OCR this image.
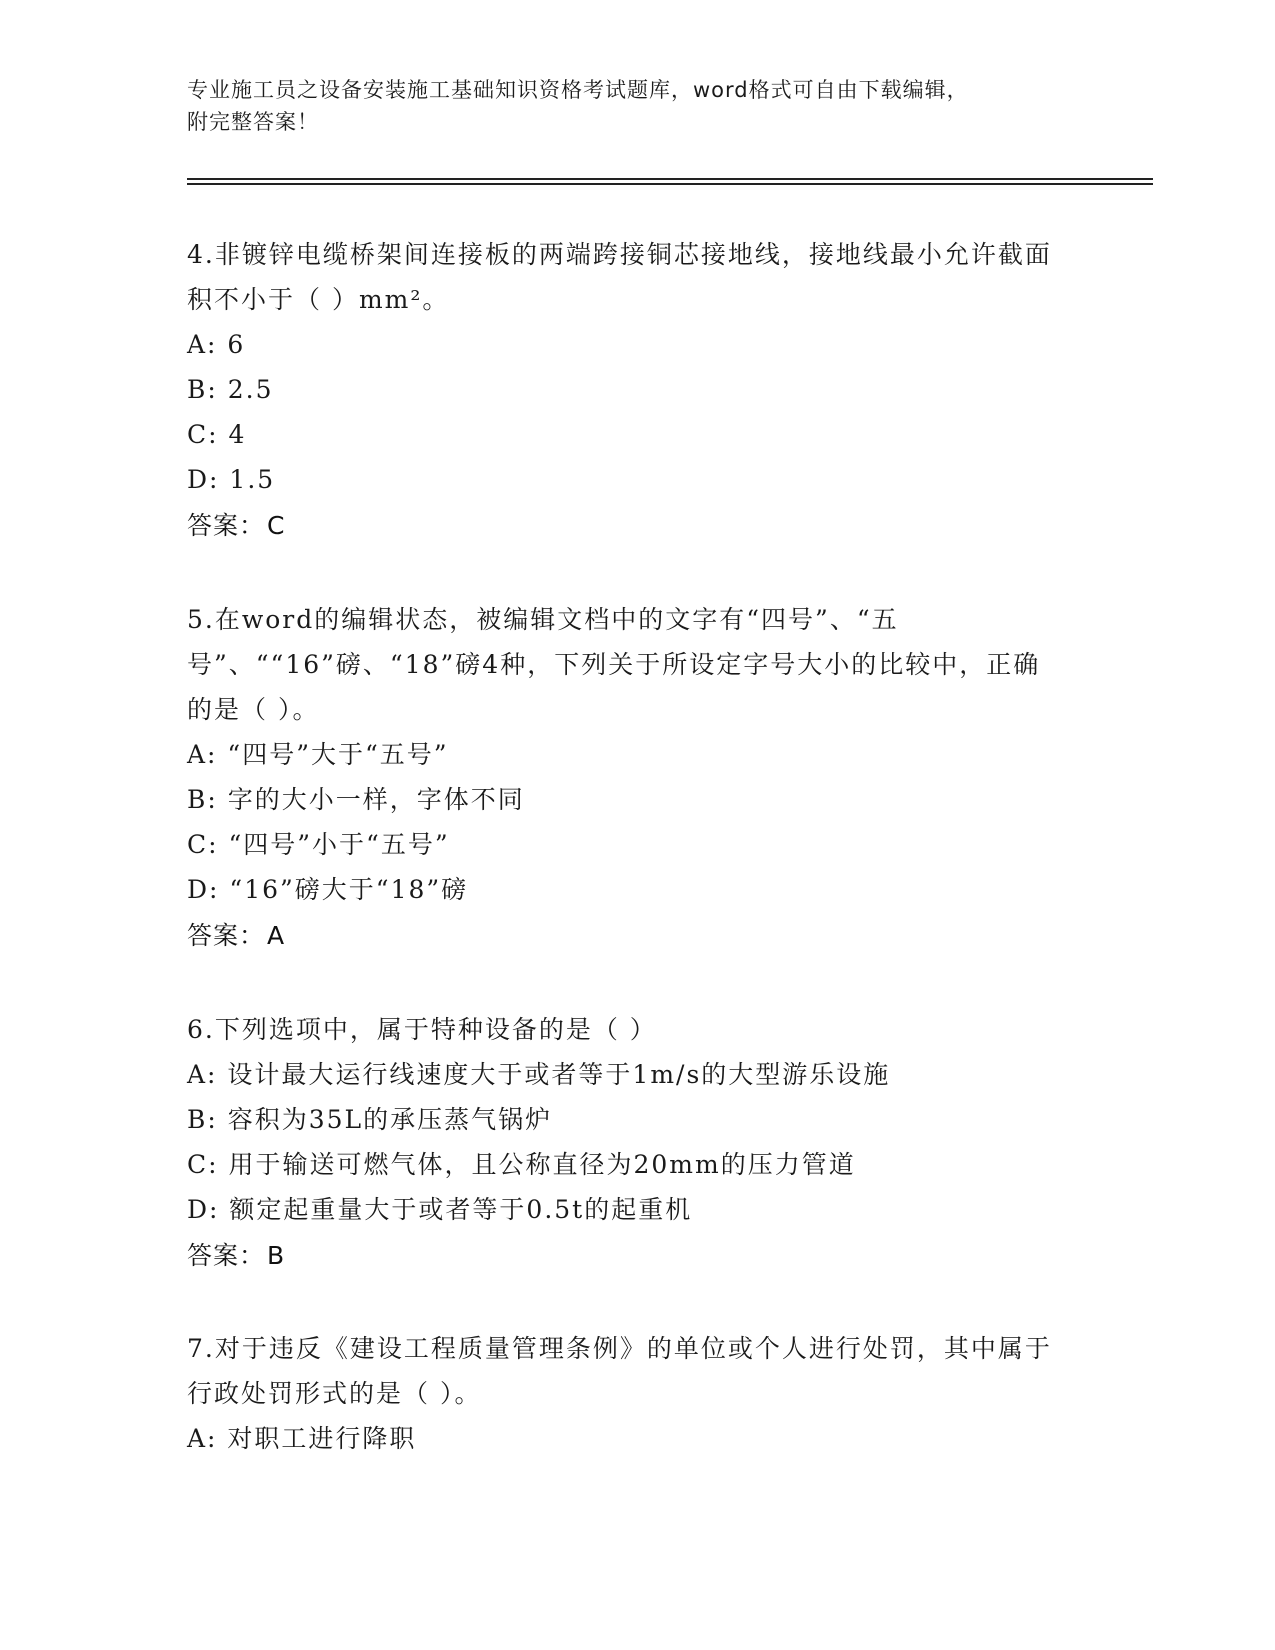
专业施工员之设备安装施工基础知识资格考试题库，word格式可自由下载编辑，
附完整答案！

4.非镀锌电缆桥架间连接板的两端跨接铜芯接地线，接地线最小允许截面积不小于（ ）mm²。

A: 6

B: 2.5

C: 4

D: 1.5

答案：C

5.在word的编辑状态，被编辑文档中的文字有“四号”、“五号”、““16”磅、“18”磅4种，下列关于所设定字号大小的比较中，正确的是（ ）。

A: “四号”大于“五号”

B: 字的大小一样，字体不同

C: “四号”小于“五号”

D: “16”磅大于“18”磅

答案：A

6.下列选项中，属于特种设备的是（ ）

A: 设计最大运行线速度大于或者等于1m/s的大型游乐设施

B: 容积为35L的承压蒸气锅炉

C: 用于输送可燃气体，且公称直径为20mm的压力管道

D: 额定起重量大于或者等于0.5t的起重机

答案：B

7.对于违反《建设工程质量管理条例》的单位或个人进行处罚，其中属于行政处罚形式的是（ ）。

A: 对职工进行降职
